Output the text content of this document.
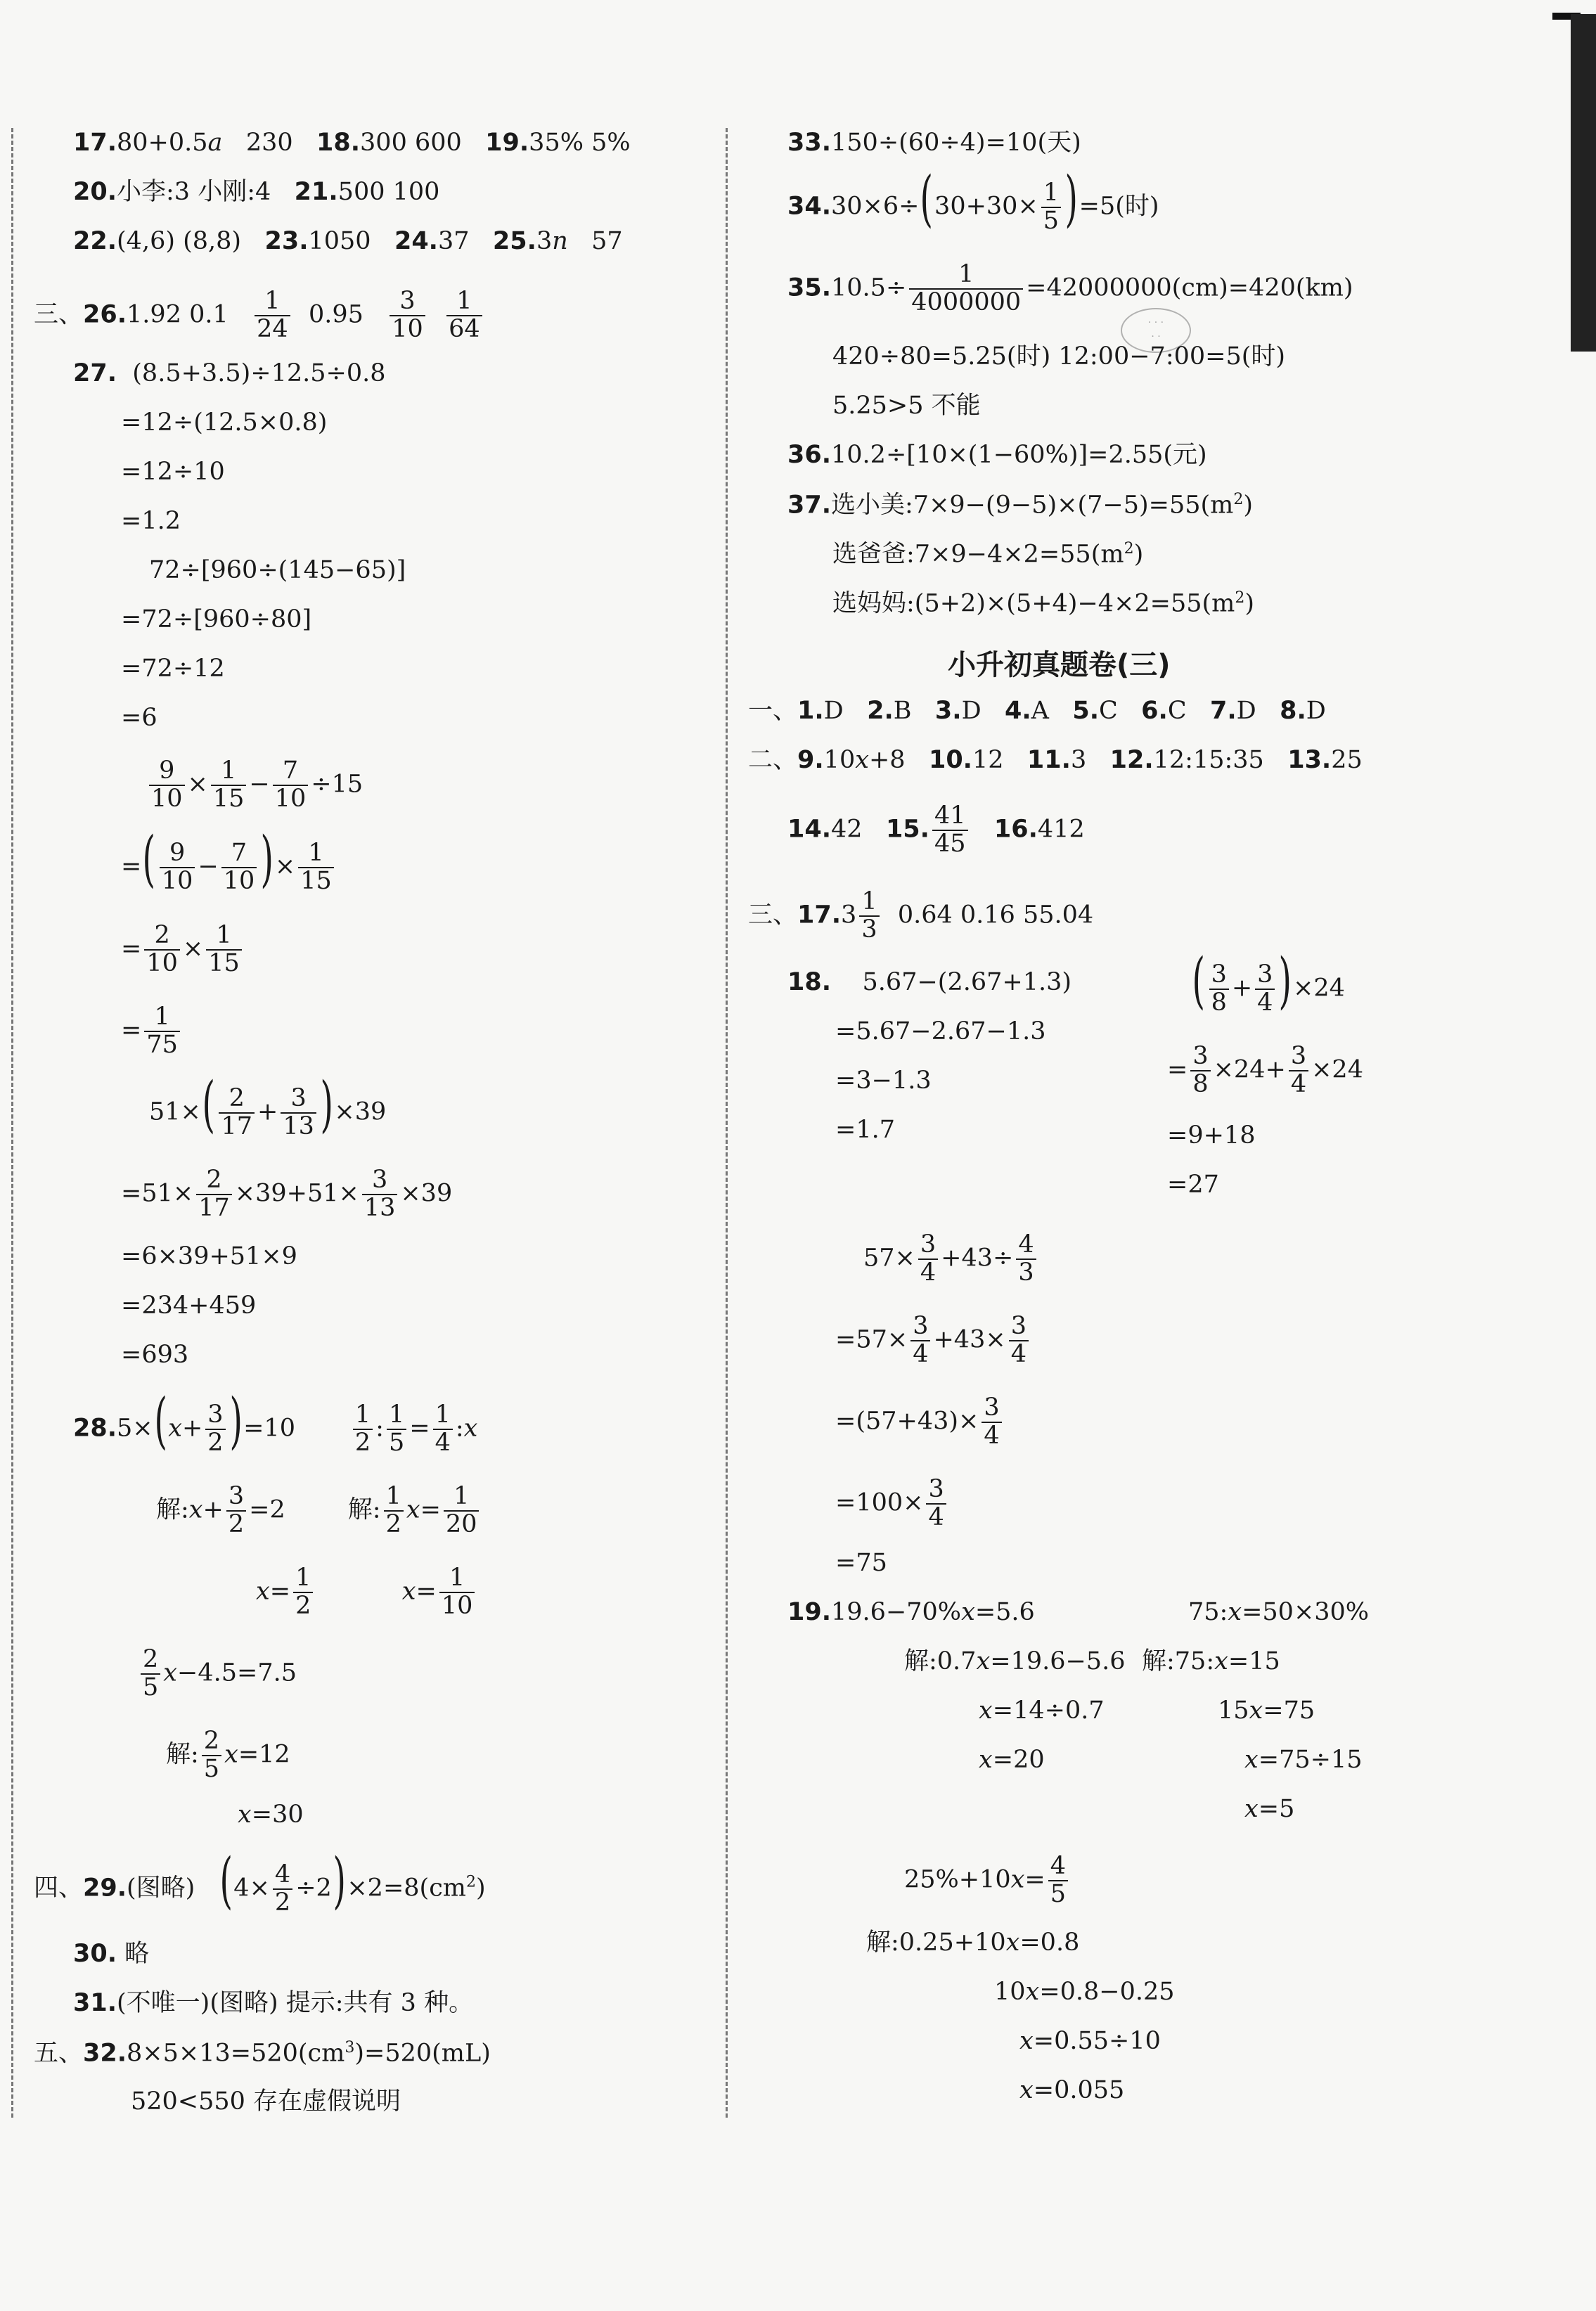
· · ·
· ·
17.80+0.5a 230 18.300 600 19.35% 5%
20.小李:3 小刚:4 21.500 100
22.(4,6) (8,8) 23.1050 24.37 25.3n 57
三、26.1.92 $0.1 \frac{1}{24} 0.95 \frac{3}{10}$
$\frac{1}{64}$
27. (8.5+3.5)÷12.5÷0.8
=12÷(12.5×0.8)
=12÷10
=1.2
72÷[960÷(145−65)]
=72÷[960÷80]
=72÷12
=6
$\frac{9}{10} \times \frac{1}{15} - \frac{7}{10} \div 15$
=( $\frac{9}{10} - \frac{7}{10}$ )× $\frac{1}{15}$
= $\frac{2}{10} \times \frac{1}{15}$
= $\frac{1}{75}$
$51\times( \frac{2}{17} + \frac{3}{13} )\times 39$
$=51\times \frac{2}{17} \times 39+51\times \frac{3}{13} \times 39$
=6×39+51×9
=234+459
=693
$28.5\times(x+ \frac{3}{2} )=10 \frac{1}{2}$ : $\frac{1}{5} = \frac{1}{4}$ :x
解:x+ $\frac{3}{2} =2$	解: $\frac{1}{2} x= \frac{1}{20}$
$x= \frac{1}{2}$	$x= \frac{1}{10}$
$\frac{2}{5} x-4.5=7.5$
解: $\frac{2}{5} x=12$
x=30
四、29.(图略) $(4\times \frac{4}{2} \div 2)\times 2=8(cm^2)$
30. 略
31.(不唯一)(图略) 提示:共有 3 种。
五、$32.8\times 5\times 13=520(cm^3)=520(mL)$
520<550 存在虚假说明
33.150÷(60÷4)=10(天)
$34.30\times 6\div(30+30\times \frac{1}{5} )=5$(时)
$35.10.5\div \frac{1}{4000000} =42000000(cm)=420(km)$
420÷80=5.25(时) 12:00−7:00=5(时)
5.25>5 不能
36.10.2÷[10×(1−60%)]=2.55(元)
37.选小美$:7\times 9-(9-5)\times(7-5)=55(m^2)$
选爸爸$:7\times 9-4\times 2=55(m^2)$
选妈妈$:(5+2)\times(5+4)-4\times 2=55(m^2)$
小升初真题卷(三)
一、1.D 2.B 3.D 4.A 5.C 6.C 7.D 8.D
二、9.10x+8 10.12 11.3 12.12:15:35 13.25
14.42 15. $\frac{41}{45} 16.412$
三、$17.3 \frac{1}{3} 0.64$ 0.16 55.04
18. 5.67−(2.67+1.3)
=5.67−2.67−1.3
=3−1.3
=1.7
( $\frac{3}{8} + \frac{3}{4} )\times 24$
= $\frac{3}{8} \times 24+ \frac{3}{4} \times 24$
=9+18
=27
$57\times \frac{3}{4} +43\div \frac{4}{3}$
$=57\times \frac{3}{4} +43\times \frac{3}{4}$
$=(57+43)\times \frac{3}{4}$
$=100\times \frac{3}{4}$
=75
19.19.6−70%x=5.6	75:x=50×30%
解:0.7x=19.6−5.6 解:75:x=15
x=14÷0.7	15x=75
x=20	x=75÷15
x=5
$25\%+10x= \frac{4}{5}$
解:0.25+10x=0.8
10x=0.8−0.25
x=0.55÷10
x=0.055
